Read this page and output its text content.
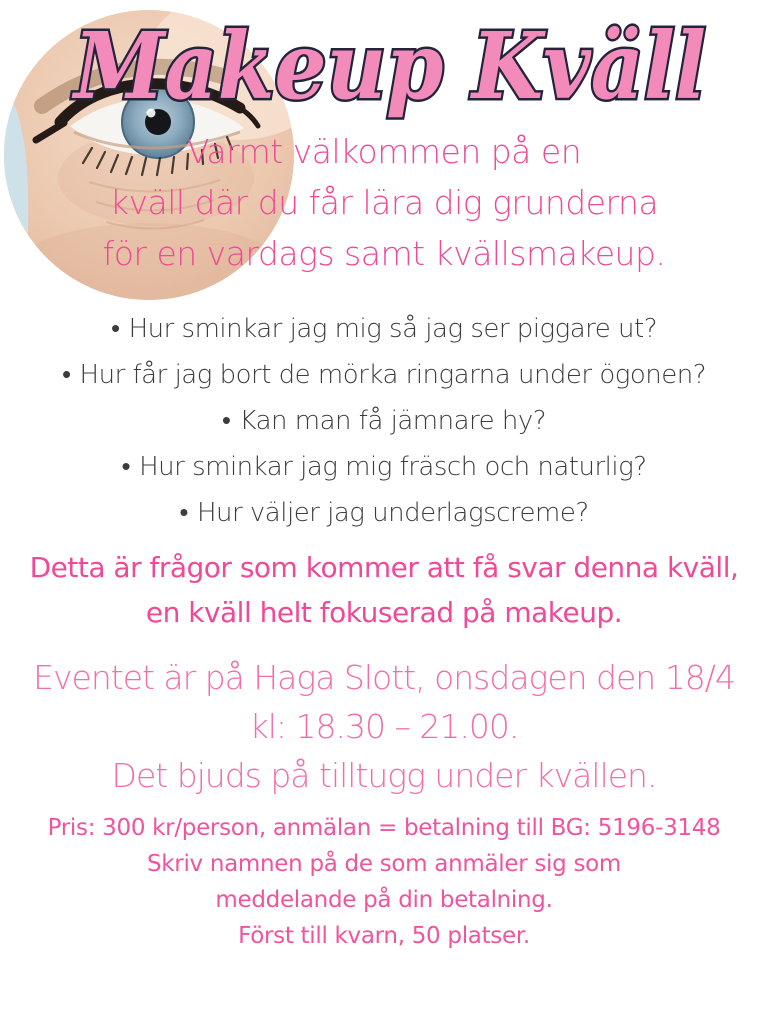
Makeup Kväll
Varmt välkommen på en
kväll där du får lära dig grunderna
för en vardags samt kvällsmakeup.
• Hur sminkar jag mig så jag ser piggare ut?
• Hur får jag bort de mörka ringarna under ögonen?
• Kan man få jämnare hy?
• Hur sminkar jag mig fräsch och naturlig?
• Hur väljer jag underlagscreme?
Detta är frågor som kommer att få svar denna kväll,
en kväll helt fokuserad på makeup.
Eventet är på Haga Slott, onsdagen den 18/4
kl: 18.30 – 21.00.
Det bjuds på tilltugg under kvällen.
Pris: 300 kr/person, anmälan = betalning till BG: 5196-3148
Skriv namnen på de som anmäler sig som
meddelande på din betalning.
Först till kvarn, 50 platser.
